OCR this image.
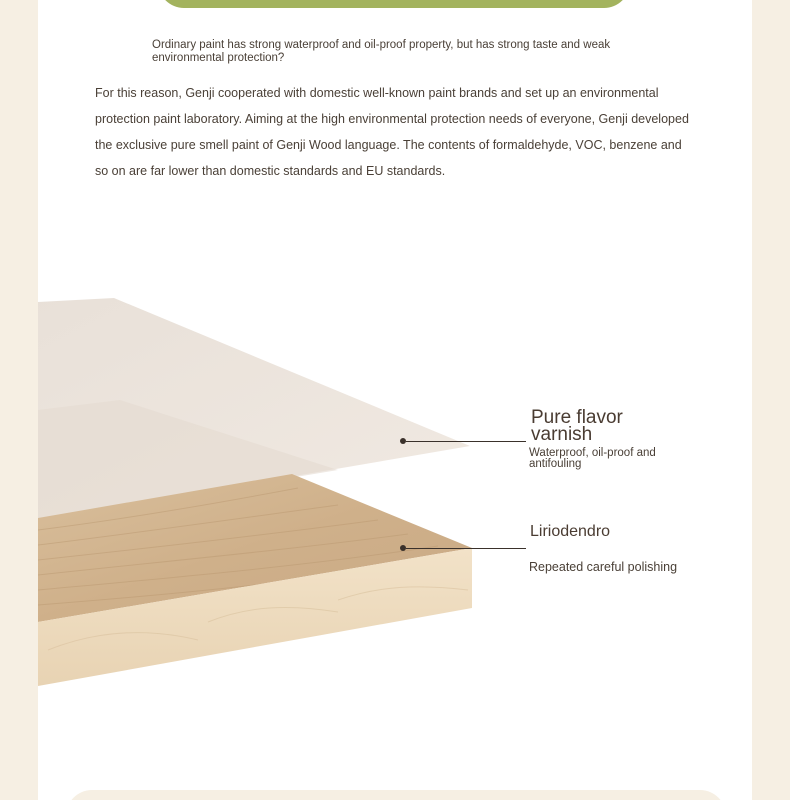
Ordinary paint has strong waterproof and oil-proof property, but has strong taste and weak environmental protection?

For this reason, Genji cooperated with domestic well-known paint brands and set up an environmental protection paint laboratory. Aiming at the high environmental protection needs of everyone, Genji developed the exclusive pure smell paint of Genji Wood language. The contents of formaldehyde, VOC, benzene and so on are far lower than domestic standards and EU standards.

Pure flavor varnish

Waterproof, oil-proof and antifouling

Liriodendro

Repeated careful polishing
